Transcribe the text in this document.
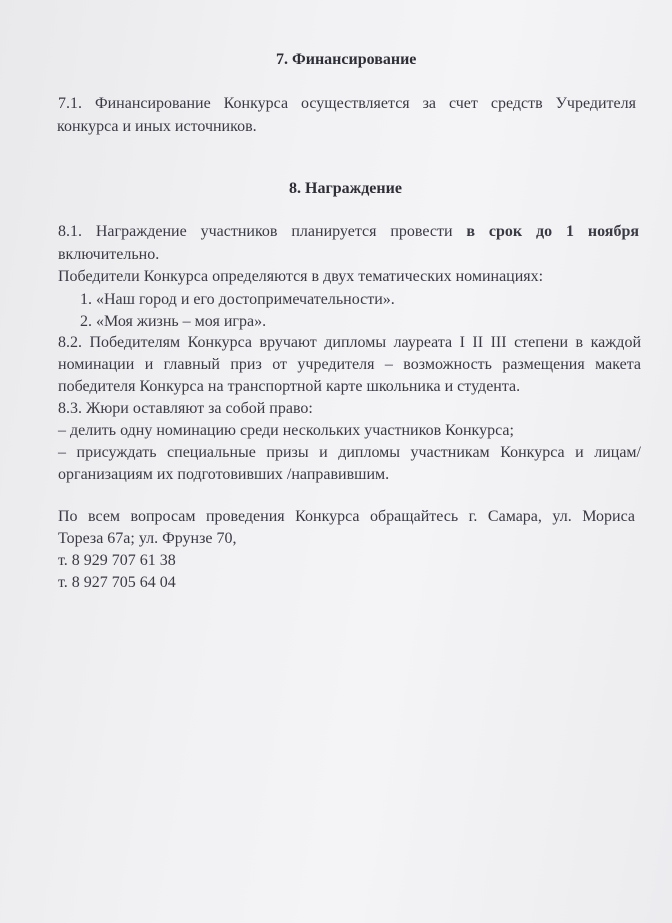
7. Финансирование
7.1. Финансирование Конкурса осуществляется за счет средств Учредителя
конкурса и иных источников.
8. Награждение
8.1. Награждение участников планируется провести в срок до 1 ноября
включительно.
Победители Конкурса определяются в двух тематических номинациях:
1. «Наш город и его достопримечательности».
2. «Моя жизнь – моя игра».
8.2. Победителям Конкурса вручают дипломы лауреата I II III степени в каждой
номинации и главный приз от учредителя – возможность размещения макета
победителя Конкурса на транспортной карте школьника и студента.
8.3. Жюри оставляют за собой право:
– делить одну номинацию среди нескольких участников Конкурса;
– присуждать специальные призы и дипломы участникам Конкурса и лицам/
организациям их подготовивших /направившим.
По всем вопросам проведения Конкурса обращайтесь г. Самара, ул. Мориса
Тореза 67а; ул. Фрунзе 70,
т. 8 929 707 61 38
т. 8 927 705 64 04
